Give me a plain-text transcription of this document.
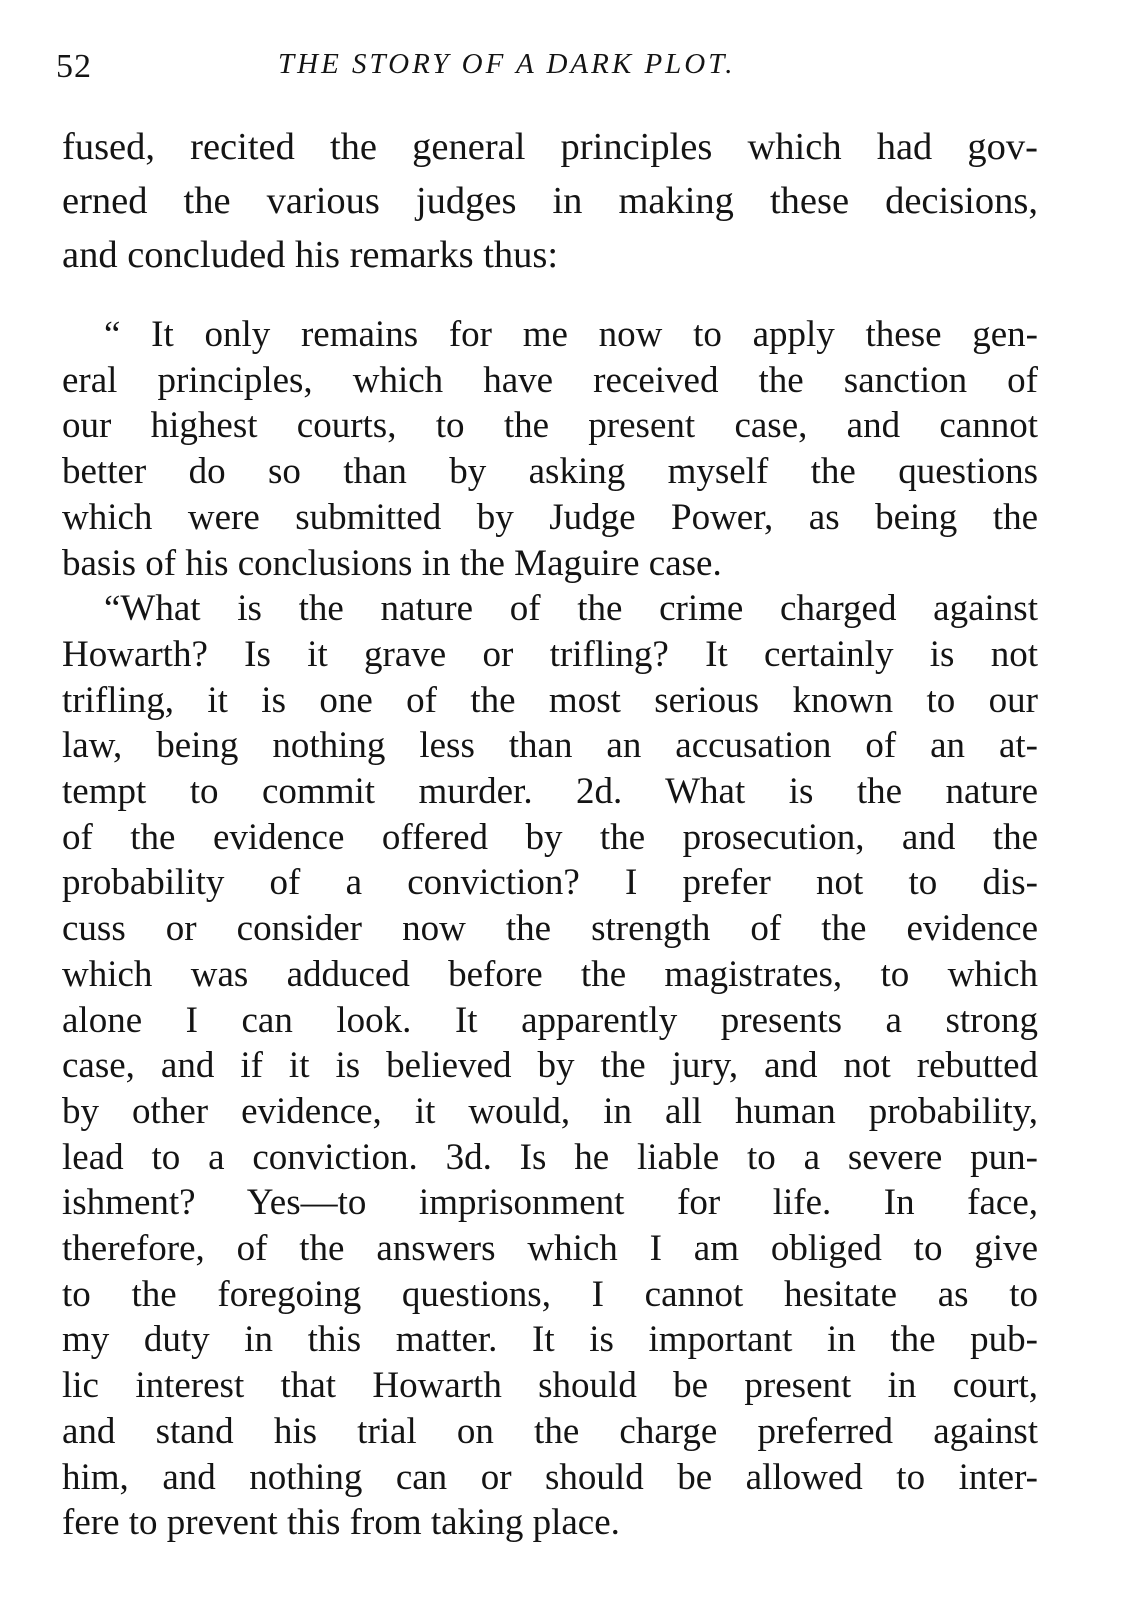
52	THE STORY OF A DARK PLOT.

fused, recited the general principles which had gov-
erned the various judges in making these decisions,
and concluded his remarks thus:

“ It only remains for me now to apply these gen-
eral principles, which have received the sanction of
our highest courts, to the present case, and cannot
better do so than by asking myself the questions
which were submitted by Judge Power, as being the
basis of his conclusions in the Maguire case.

“What is the nature of the crime charged against
Howarth? Is it grave or trifling? It certainly is not
trifling, it is one of the most serious known to our
law, being nothing less than an accusation of an at-
tempt to commit murder. 2d. What is the nature
of the evidence offered by the prosecution, and the
probability of a conviction? I prefer not to dis-
cuss or consider now the strength of the evidence
which was adduced before the magistrates, to which
alone I can look. It apparently presents a strong
case, and if it is believed by the jury, and not rebutted
by other evidence, it would, in all human probability,
lead to a conviction. 3d. Is he liable to a severe pun-
ishment? Yes—to imprisonment for life. In face,
therefore, of the answers which I am obliged to give
to the foregoing questions, I cannot hesitate as to
my duty in this matter. It is important in the pub-
lic interest that Howarth should be present in court,
and stand his trial on the charge preferred against
him, and nothing can or should be allowed to inter-
fere to prevent this from taking place.
